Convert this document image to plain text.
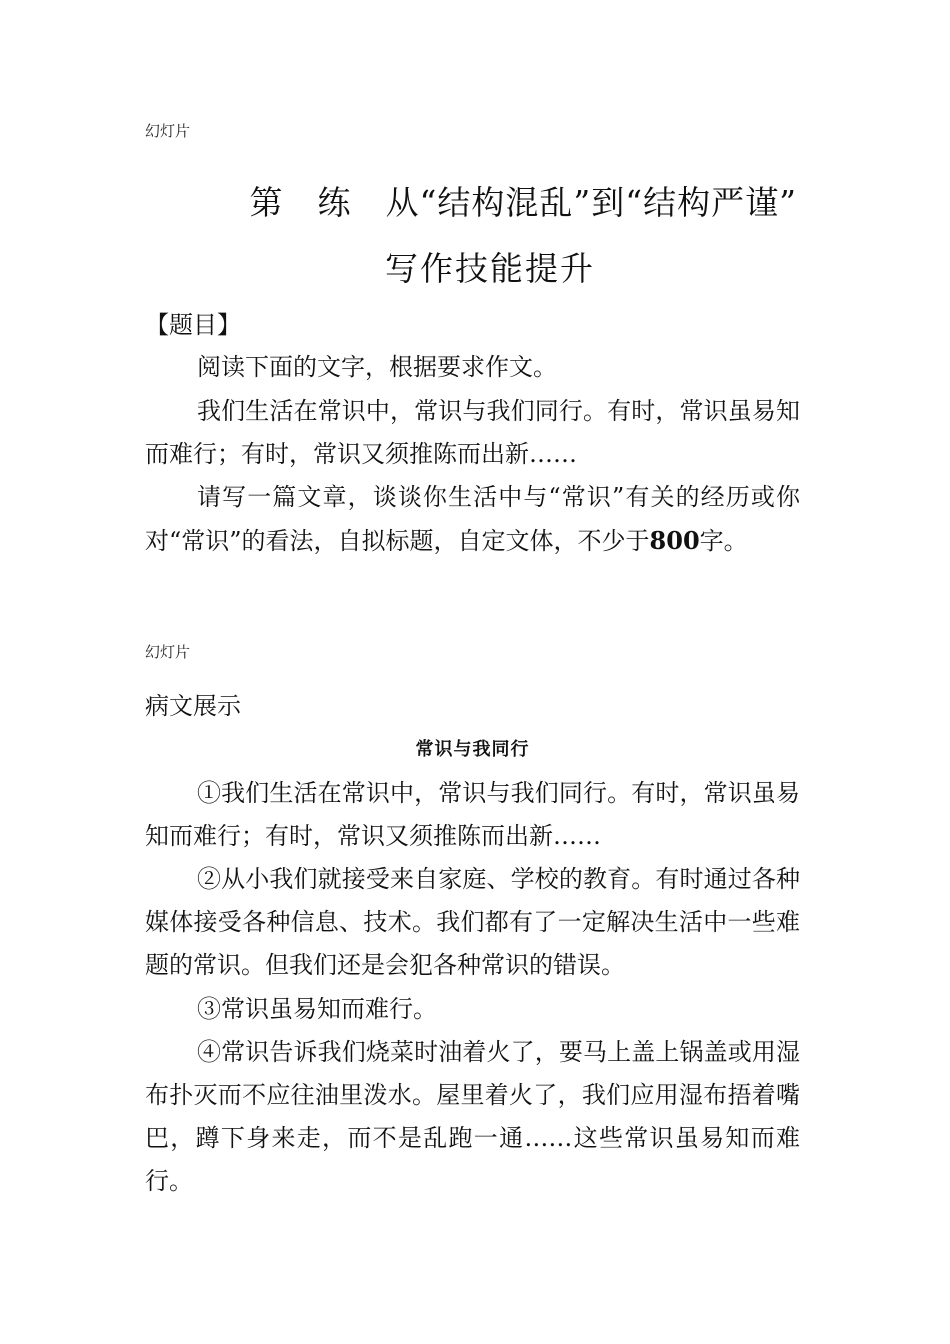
幻灯片
第　练　从“结构混乱”到“结构严谨”
写作技能提升
【题目】
阅读下面的文字，根据要求作文。
我们生活在常识中，常识与我们同行。有时，常识虽易知而难行；有时，常识又须推陈而出新……
请写一篇文章，谈谈你生活中与“常识”有关的经历或你对“常识”的看法，自拟标题，自定文体，不少于800字。
幻灯片
病文展示
常识与我同行
①我们生活在常识中，常识与我们同行。有时，常识虽易知而难行；有时，常识又须推陈而出新……
②从小我们就接受来自家庭、学校的教育。有时通过各种媒体接受各种信息、技术。我们都有了一定解决生活中一些难题的常识。但我们还是会犯各种常识的错误。
③常识虽易知而难行。
④常识告诉我们烧菜时油着火了，要马上盖上锅盖或用湿布扑灭而不应往油里泼水。屋里着火了，我们应用湿布捂着嘴巴，蹲下身来走，而不是乱跑一通……这些常识虽易知而难行。
